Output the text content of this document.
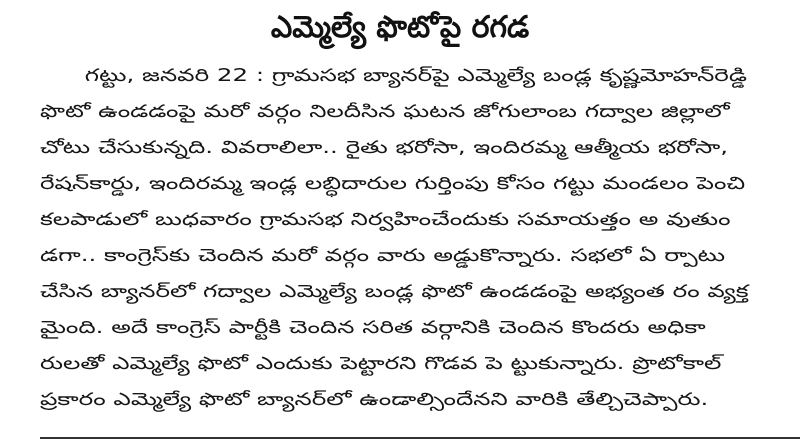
ఎమ్మెల్యే ఫొటోపై రగడ
గట్టు, జనవరి 22 : గ్రామసభ బ్యానర్‌పై ఎమ్మెల్యే బండ్ల కృష్ణమోహన్‌రెడ్డి
ఫొటో ఉండడంపై మరో వర్గం నిలదీసిన ఘటన జోగులాంబ గద్వాల జిల్లాలో
చోటు చేసుకున్నది. వివరాలిలా.. రైతు భరోసా, ఇందిరమ్మ ఆత్మీయ భరోసా,
రేషన్‌కార్డు, ఇందిరమ్మ ఇండ్ల లబ్ధిదారుల గుర్తింపు కోసం గట్టు మండలం పెంచి
కలపాడులో బుధవారం గ్రామసభ నిర్వహించేందుకు సమాయత్తం అ వుతుం
డగా.. కాంగ్రెస్‌కు చెందిన మరో వర్గం వారు అడ్డుకొన్నారు. సభలో ఏ ర్పాటు
చేసిన బ్యానర్‌లో గద్వాల ఎమ్మెల్యే బండ్ల ఫొటో ఉండడంపై అభ్యంత రం వ్యక్త
మైంది. అదే కాంగ్రెస్ పార్టీకి చెందిన సరిత వర్గానికి చెందిన కొందరు అధికా
రులతో ఎమ్మెల్యే ఫొటో ఎందుకు పెట్టారని గొడవ పె ట్టుకున్నారు. ప్రొటోకాల్
ప్రకారం ఎమ్మెల్యే ఫొటో బ్యానర్‌లో ఉండాల్సిందేనని వారికి తేల్చిచెప్పారు.
